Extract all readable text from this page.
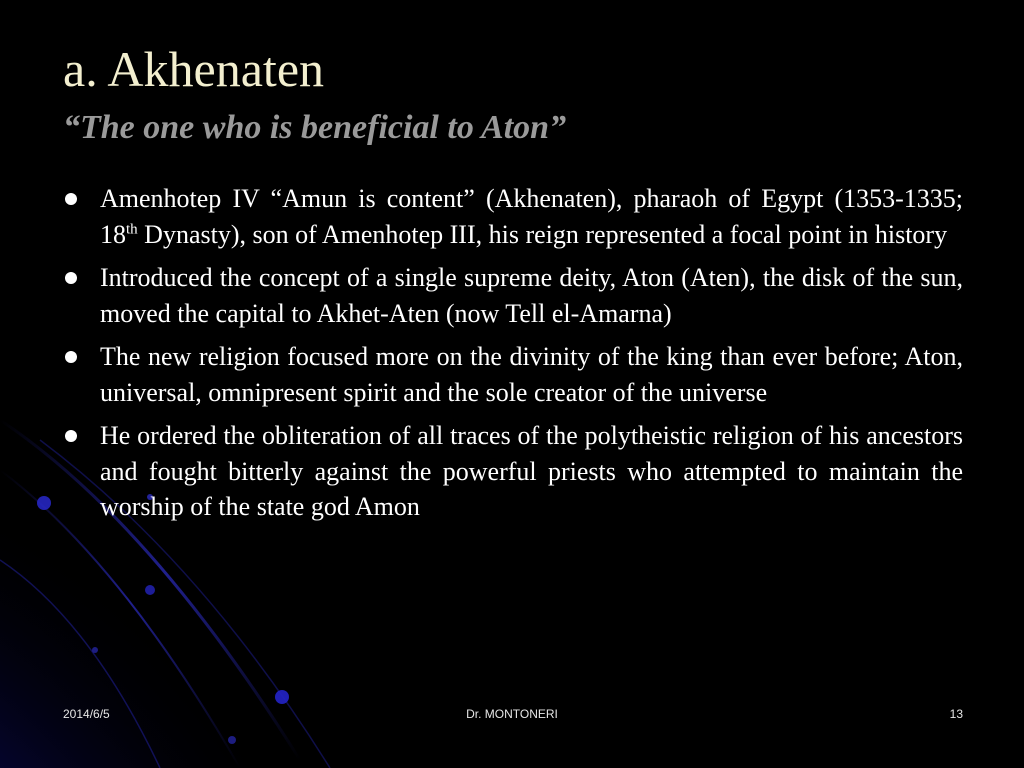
a. Akhenaten
“The one who is beneficial to Aton”
Amenhotep IV “Amun is content” (Akhenaten), pharaoh of Egypt (1353-1335; 18th Dynasty), son of Amenhotep III, his reign represented a focal point in history
Introduced the concept of a single supreme deity, Aton (Aten), the disk of the sun, moved the capital to Akhet-Aten (now Tell el-Amarna)
The new religion focused more on the divinity of the king than ever before; Aton, universal, omnipresent spirit and the sole creator of the universe
He ordered the obliteration of all traces of the polytheistic religion of his ancestors and fought bitterly against the powerful priests who attempted to maintain the worship of the state god Amon
Dr. MONTONERI
2014/6/5	13
